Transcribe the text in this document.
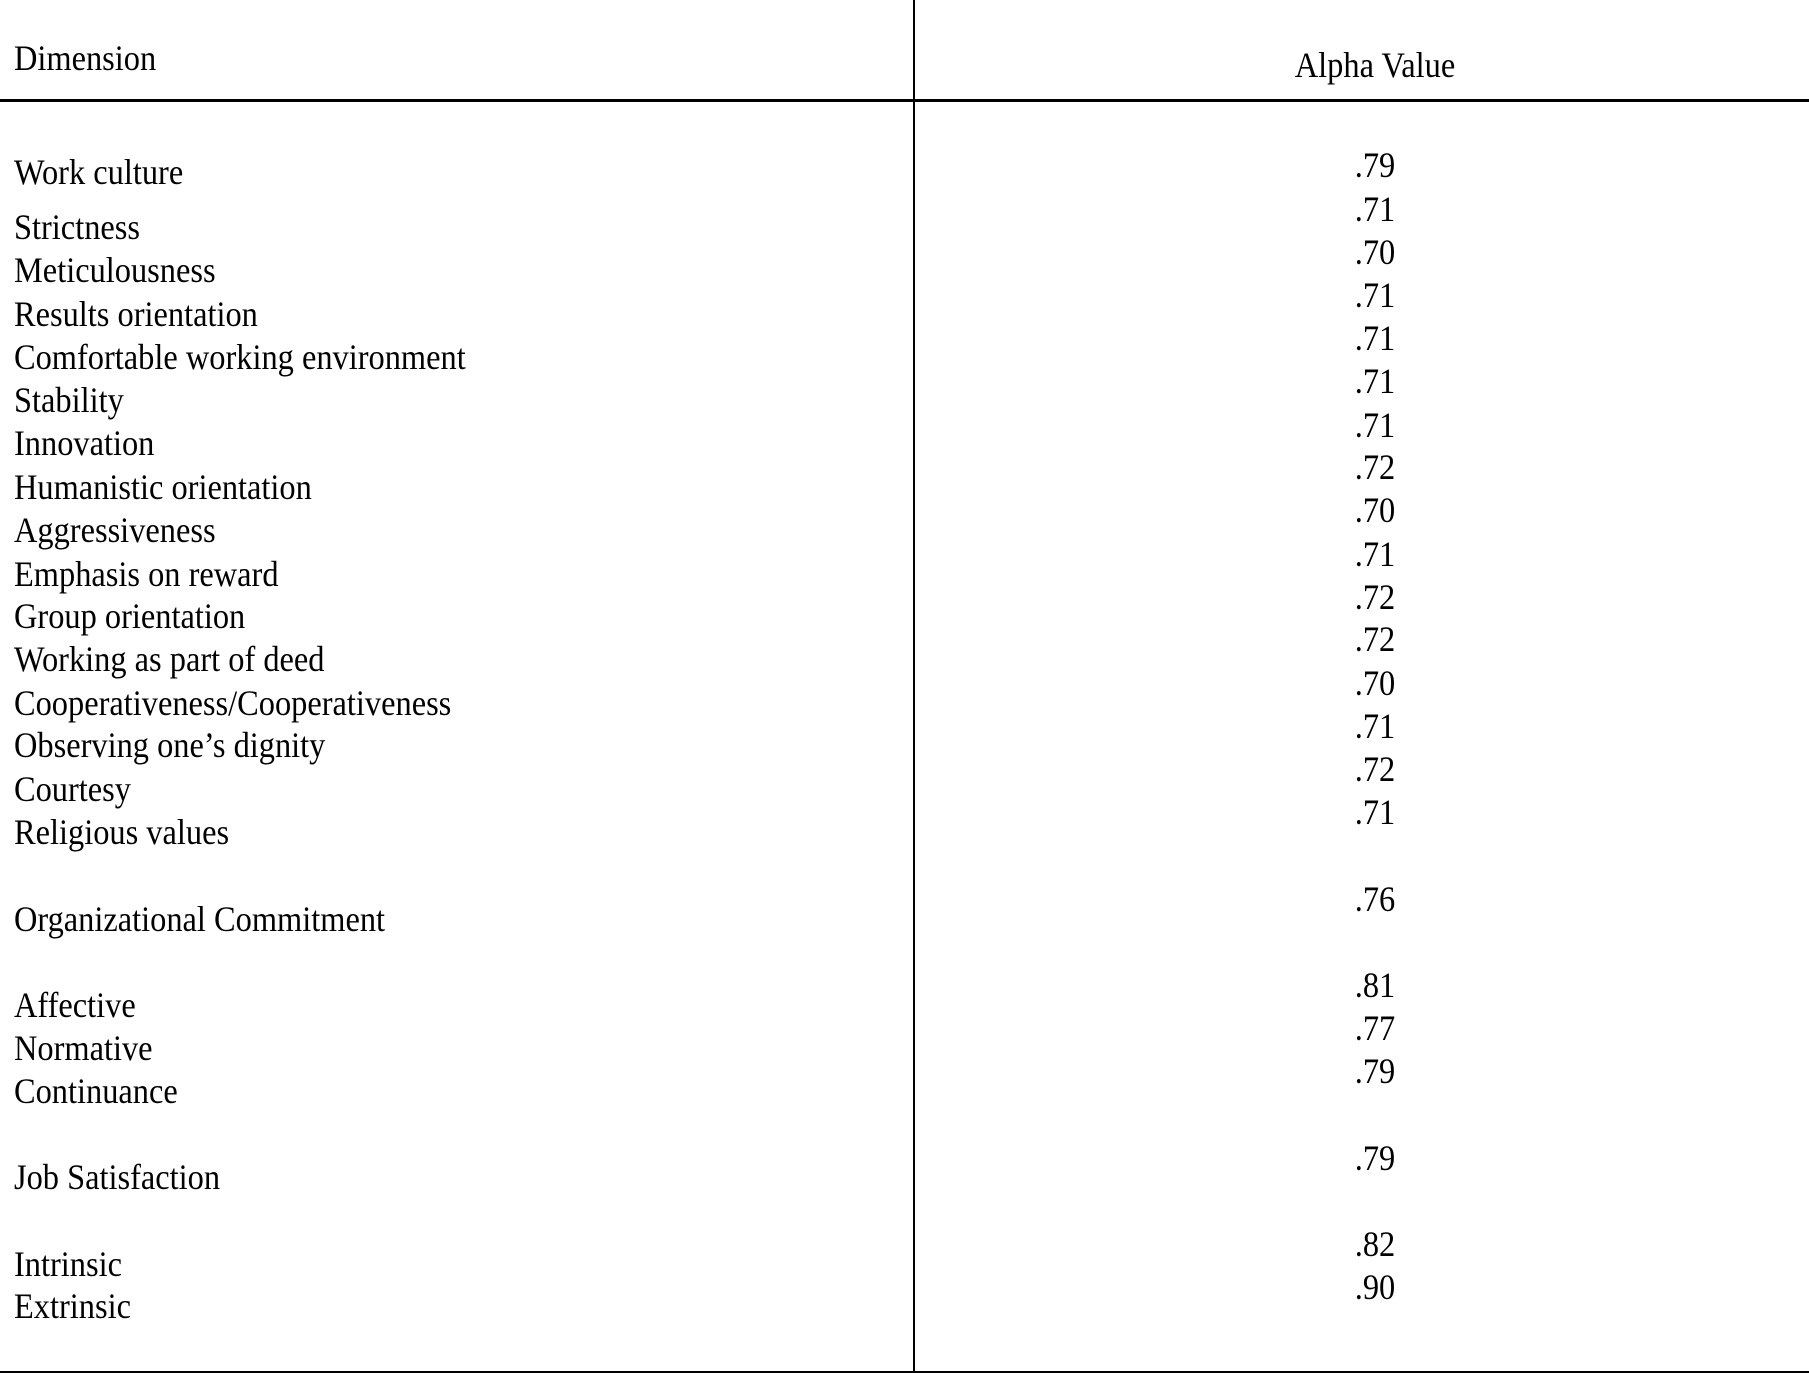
Dimension	Alpha Value
Work culture	.79
Strictness	.71
Meticulousness	.70
Results orientation	.71
Comfortable working environment	.71
Stability	.71
Innovation	.71
Humanistic orientation	.72
Aggressiveness	.70
Emphasis on reward	.71
Group orientation	.72
Working as part of deed	.72
Cooperativeness/Cooperativeness	.70
Observing one’s dignity	.71
Courtesy	.72
Religious values	.71
Organizational Commitment	.76
Affective	.81
Normative	.77
Continuance	.79
Job Satisfaction	.79
Intrinsic	.82
Extrinsic	.90
